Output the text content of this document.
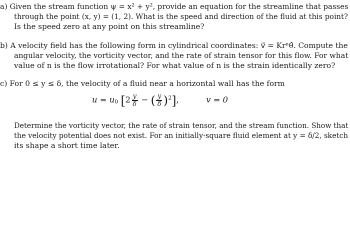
a) Given the stream function ψ = x² + y², provide an equation for the streamline that passes
through the point (x, y) = (1, 2). What is the speed and direction of the fluid at this point?
Is the speed zero at any point on this streamline?
b) A velocity field has the following form in cylindrical coordinates: v⃗ = Krⁿθ̂. Compute the
angular velocity, the vorticity vector, and the rate of strain tensor for this flow. For what
value of n is the flow irrotational? For what value of n is the strain identically zero?
c) For 0 ≤ y ≤ δ, the velocity of a fluid near a horizontal wall has the form
$u = u_0$ [$2 \frac{y}{\delta}$ − ( $\frac{y}{\delta} )^2$],	v = 0
Determine the vorticity vector, the rate of strain tensor, and the stream function. Show that
the velocity potential does not exist. For an initially-square fluid element at y = δ/2, sketch
its shape a short time later.
